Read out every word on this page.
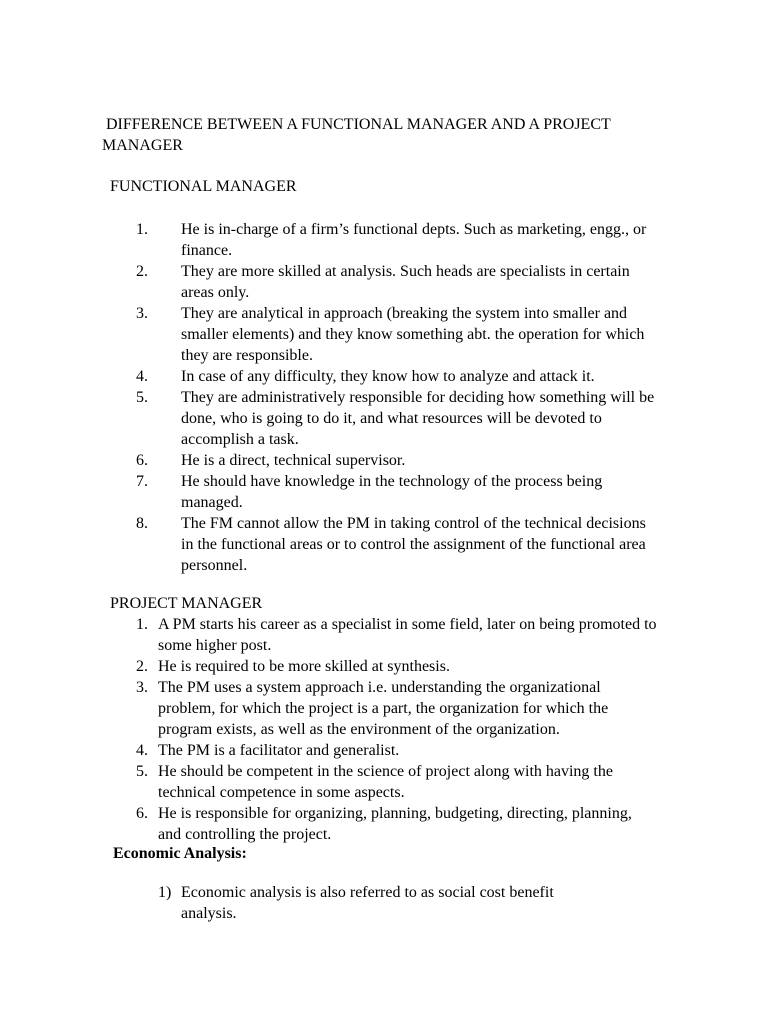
DIFFERENCE BETWEEN A FUNCTIONAL MANAGER AND A PROJECT MANAGER
FUNCTIONAL MANAGER
1. He is in-charge of a firm’s functional depts. Such as marketing, engg., or finance.
2. They are more skilled at analysis. Such heads are specialists in certain areas only.
3. They are analytical in approach (breaking the system into smaller and smaller elements) and they know something abt. the operation for which they are responsible.
4. In case of any difficulty, they know how to analyze and attack it.
5. They are administratively responsible for deciding how something will be done, who is going to do it, and what resources will be devoted to accomplish a task.
6. He is a direct, technical supervisor.
7. He should have knowledge in the technology of the process being managed.
8. The FM cannot allow the PM in taking control of the technical decisions in the functional areas or to control the assignment of the functional area personnel.
PROJECT MANAGER
1. A PM starts his career as a specialist in some field, later on being promoted to some higher post.
2. He is required to be more skilled at synthesis.
3. The PM uses a system approach i.e. understanding the organizational problem, for which the project is a part, the organization for which the program exists, as well as the environment of the organization.
4. The PM is a facilitator and generalist.
5. He should be competent in the science of project along with having the technical competence in some aspects.
6. He is responsible for organizing, planning, budgeting, directing, planning, and controlling the project.
Economic Analysis:
1) Economic analysis is also referred to as social cost benefit analysis.
